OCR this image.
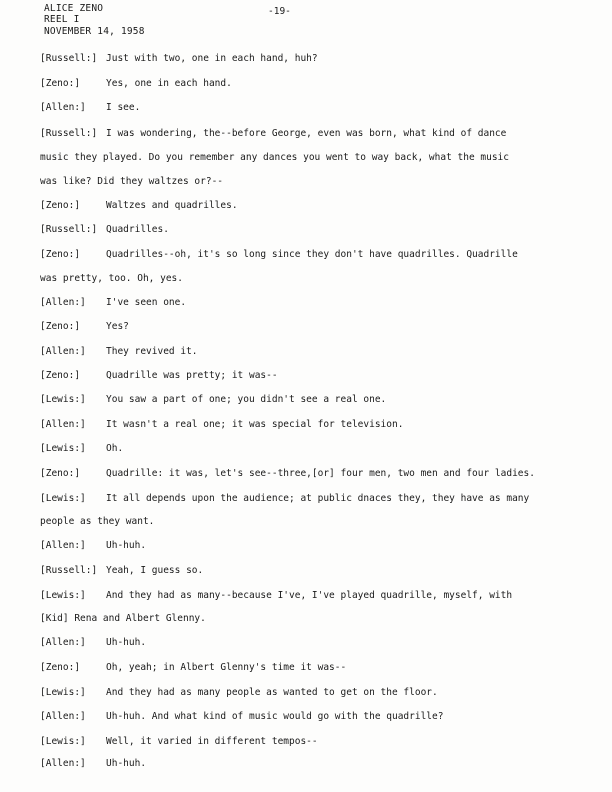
ALICE ZENO
REEL I
NOVEMBER 14, 1958
-19-
[Russell:] Just with two, one in each hand, huh?
[Zeno:]	Yes, one in each hand.
[Allen:] I see.
[Russell:] I was wondering, the--before George, even was born, what kind of dance
music they played. Do you remember any dances you went to way back, what the music
was like? Did they waltzes or?--
[Zeno:]	Waltzes and quadrilles.
[Russell:] Quadrilles.
[Zeno:]	Quadrilles--oh, it's so long since they don't have quadrilles. Quadrille
was pretty, too. Oh, yes.
[Allen:] I've seen one.
[Zeno:]	Yes?
[Allen:] They revived it.
[Zeno:]	Quadrille was pretty; it was--
[Lewis:] You saw a part of one; you didn't see a real one.
[Allen:] It wasn't a real one; it was special for television.
[Lewis:] Oh.
[Zeno:]	Quadrille: it was, let's see--three,[or] four men, two men and four ladies.
[Lewis:] It all depends upon the audience; at public dnaces they, they have as many
people as they want.
[Allen:] Uh-huh.
[Russell:] Yeah, I guess so.
[Lewis:] And they had as many--because I've, I've played quadrille, myself, with
[Kid] Rena and Albert Glenny.
[Allen:] Uh-huh.
[Zeno:]	Oh, yeah; in Albert Glenny's time it was--
[Lewis:] And they had as many people as wanted to get on the floor.
[Allen:] Uh-huh. And what kind of music would go with the quadrille?
[Lewis:] Well, it varied in different tempos--
[Allen:] Uh-huh.
